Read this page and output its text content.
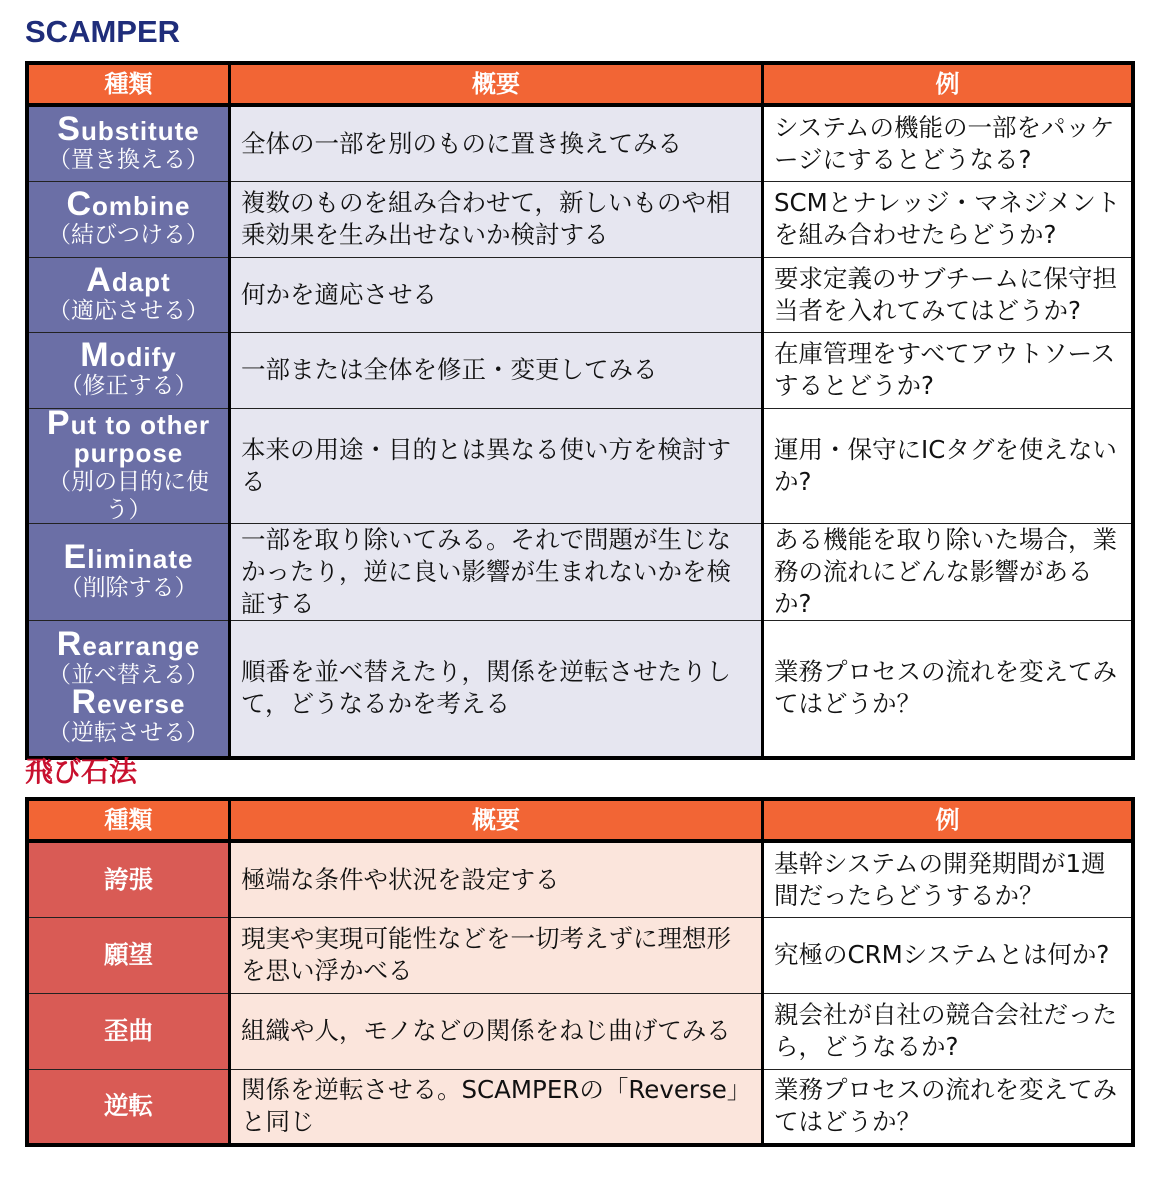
SCAMPER
種類	概要	例

Substitute
（置き換える）	全体の一部を別のものに置き換えてみる	システムの機能の一部をパッケージにするとどうなる?

Combine
（結びつける）	複数のものを組み合わせて，新しいものや相乗効果を生み出せないか検討する	SCMとナレッジ・マネジメントを組み合わせたらどうか?

Adapt
（適応させる）	何かを適応させる	要求定義のサブチームに保守担当者を入れてみてはどうか?

Modify
（修正する）	一部または全体を修正・変更してみる	在庫管理をすべてアウトソースするとどうか?

Put to other purpose
（別の目的に使う）	本来の用途・目的とは異なる使い方を検討する	運用・保守にICタグを使えないか?

Eliminate
（削除する）	一部を取り除いてみる。それで問題が生じなかったり，逆に良い影響が生まれないかを検証する	ある機能を取り除いた場合，業務の流れにどんな影響があるか?

Rearrange
（並べ替える）
Reverse
（逆転させる）	順番を並べ替えたり，関係を逆転させたりして，どうなるかを考える	業務プロセスの流れを変えてみてはどうか？
飛び石法
種類	概要	例
誇張	極端な条件や状況を設定する	基幹システムの開発期間が1週間だったらどうするか？
願望	現実や実現可能性などを一切考えずに理想形を思い浮かべる	究極のCRMシステムとは何か?
歪曲	組織や人，モノなどの関係をねじ曲げてみる	親会社が自社の競合会社だったら，どうなるか?
逆転	関係を逆転させる。SCAMPERの「Reverse」と同じ	業務プロセスの流れを変えてみてはどうか？
